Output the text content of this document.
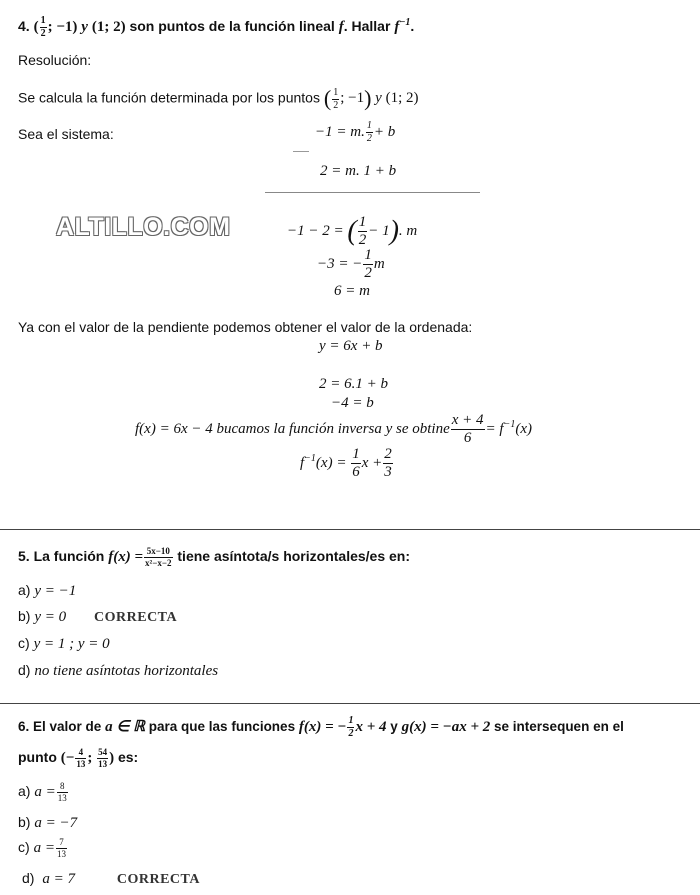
4. ( $\frac{1}{2}$ ; −1) y (1; 2) son puntos de la función lineal f. Hallar $f^{-1}$.
Resolución:
Se calcula la función determinada por los puntos ( $\frac{1}{2}$ ; −1) y (1; 2)
Sea el sistema:	−1 = m. $\frac{1}{2} + b$
2 = m. 1 + b
ALTILLO.COM	−1 − 2 = ( $\frac{1}{2} - 1$). m
−3 = − $\frac{1}{2}$ m
6 = m
Ya con el valor de la pendiente podemos obtener el valor de la ordenada:
y = 6x + b
2 = 6.1 + b
−4 = b
f(x) = 6x − 4 bucamos la función inversa y se obtine $\frac{x + 4}{6} = f^{-1}(x)$
$f^{-1}(x) = \frac{1}{6}$ $x + \frac{2}{3}$
5. La función $f(x) = \frac{5x-10}{\text{x²−x−2}}$ tiene asíntota/s horizontales/es en:
a) y = −1
b) y = 0 CORRECTA
c) y = 1 ; y = 0
d) no tiene asíntotas horizontales
6. El valor de a ∈ ℝ para que las funciones f(x) = − $\frac{1}{2}$ x + 4 y g(x) = −ax + 2 se intersequen en el
punto (− $\frac{4}{13}$ ; $\frac{54}{13}$ ) es:
a) $a = \frac{8}{13}$
b) a = −7
c) $a = \frac{7}{13}$
d) a = 7	CORRECTA
